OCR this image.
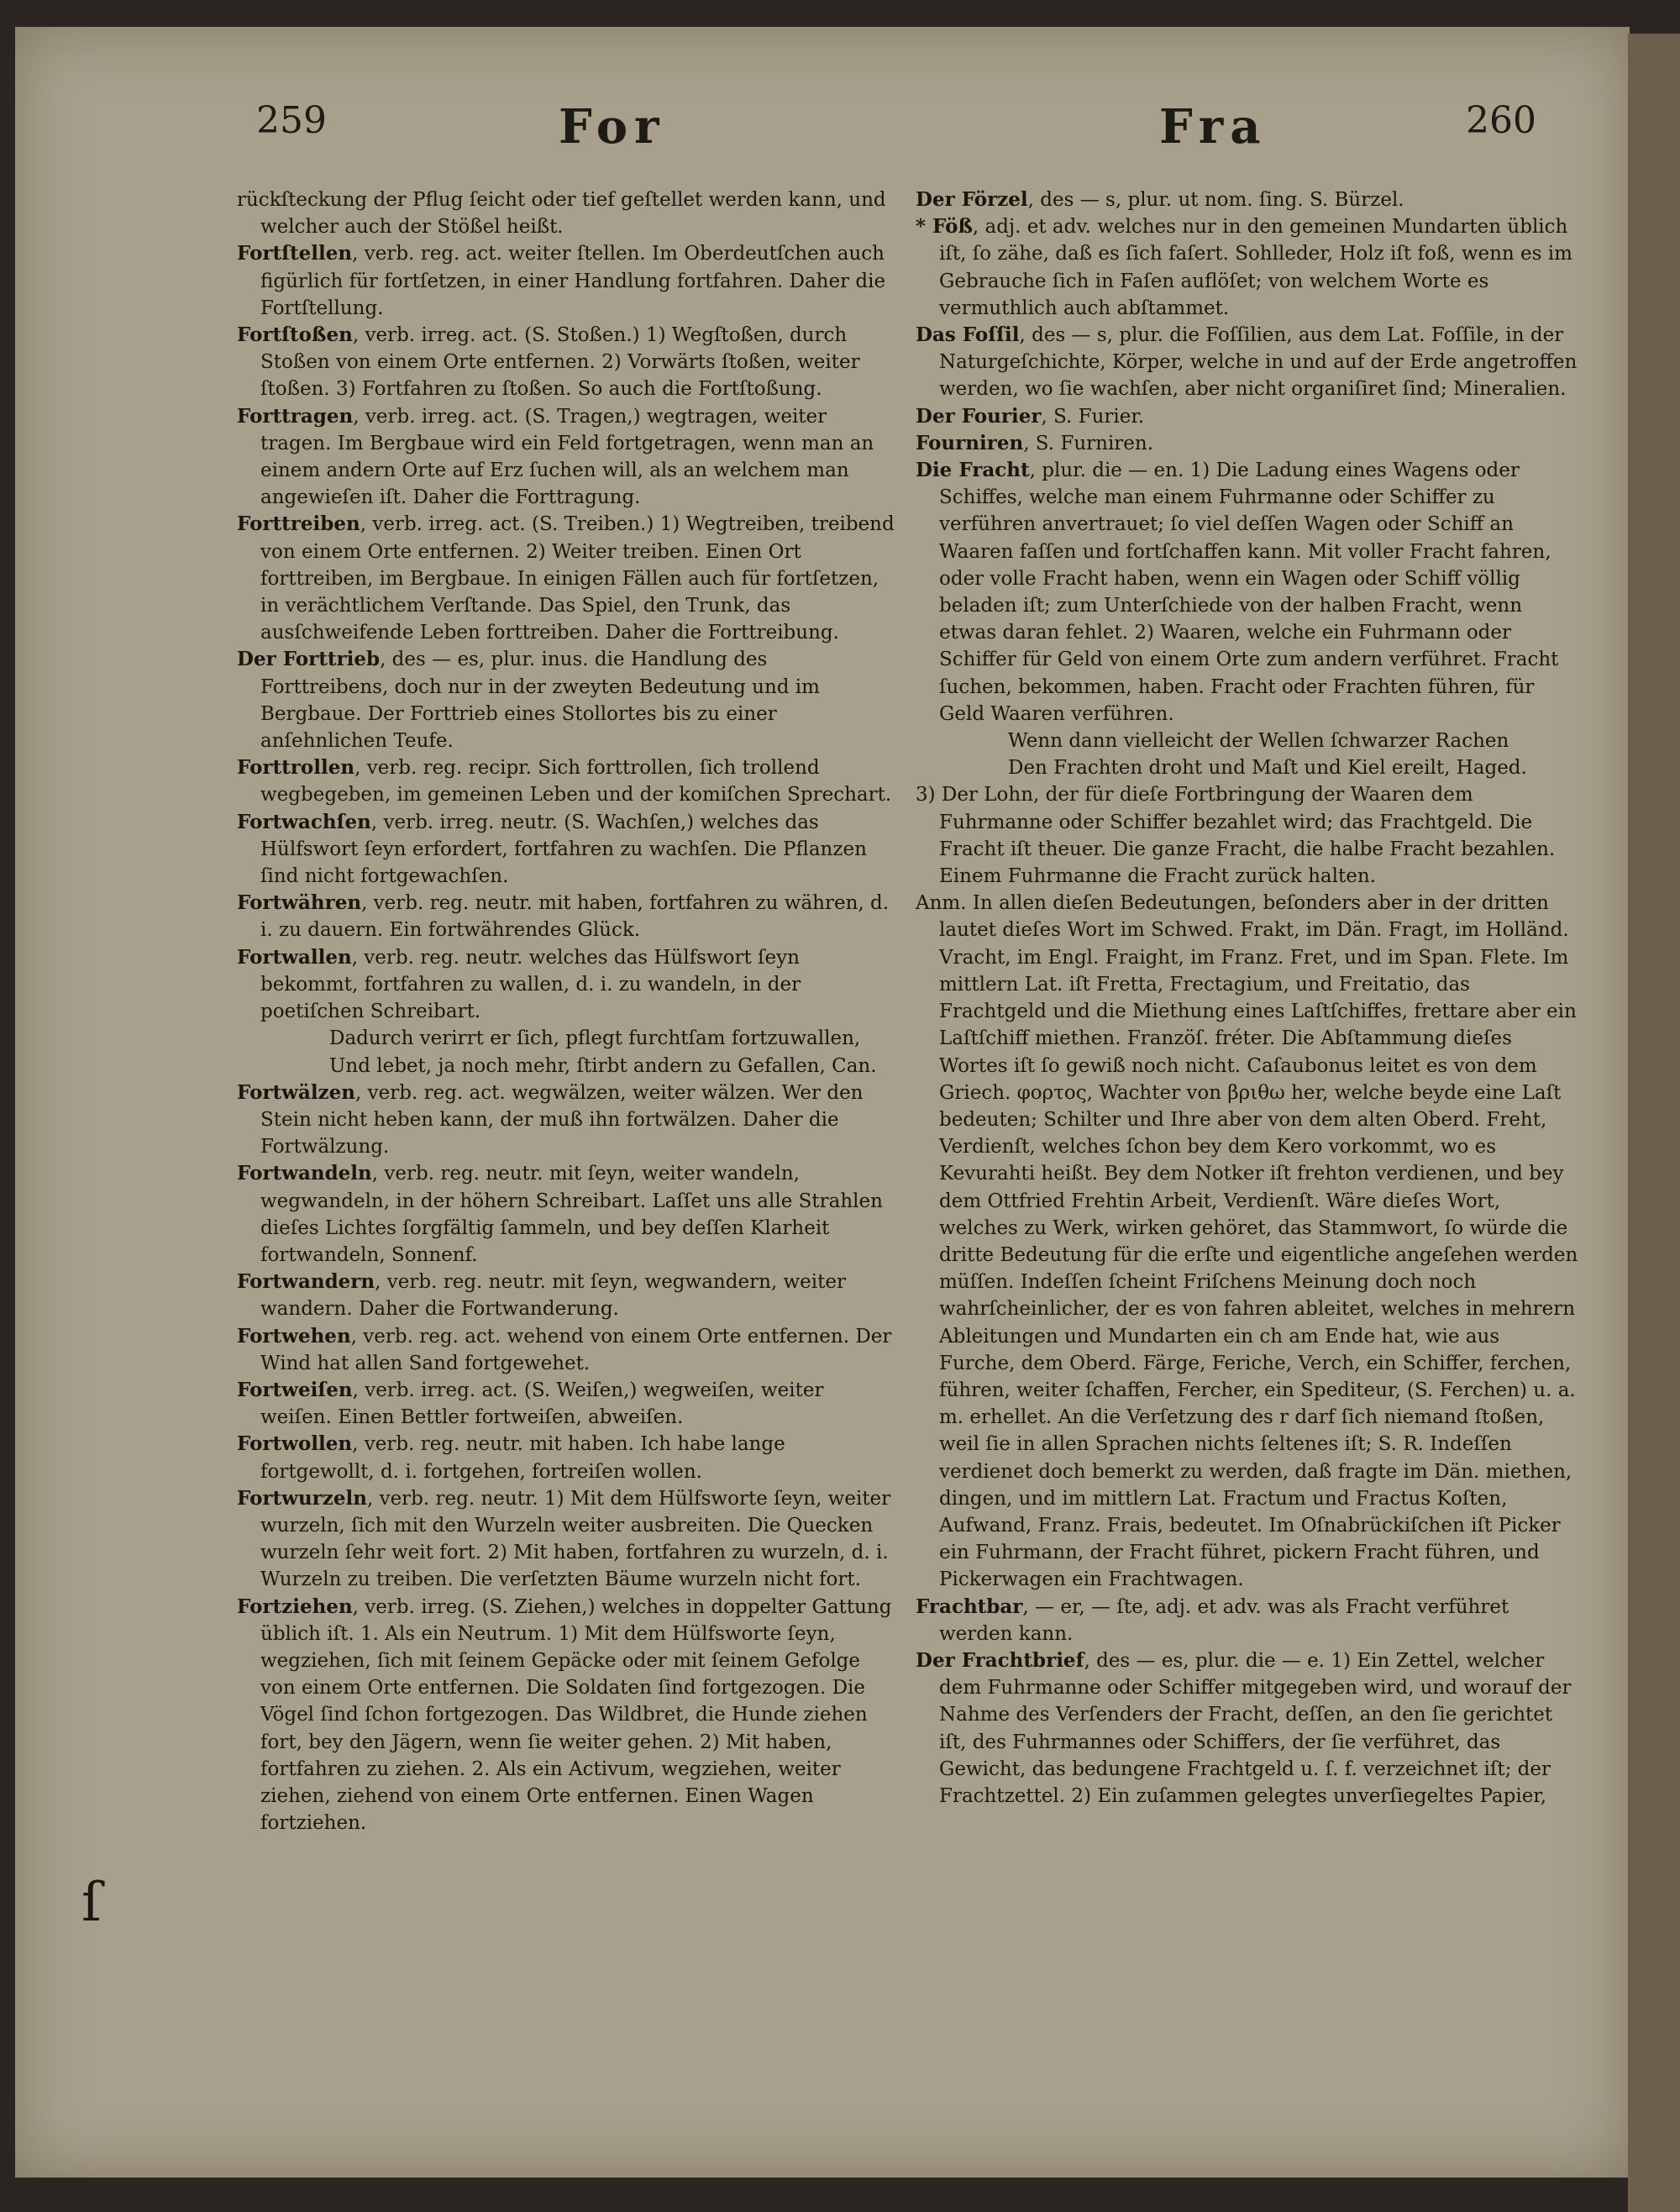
259	For	Fra	260

rückſteckung der Pflug ſeicht oder tief geſtellet werden kann, und welcher auch der Stößel heißt.

Fortſtellen, verb. reg. act. weiter ſtellen. Im Oberdeutſchen auch figürlich für fortſetzen, in einer Handlung fortfahren. Daher die Fortſtellung.

Fortſtoßen, verb. irreg. act. (S. Stoßen.) 1) Wegſtoßen, durch Stoßen von einem Orte entfernen. 2) Vorwärts ſtoßen, weiter ſtoßen. 3) Fortfahren zu ſtoßen. So auch die Fortſtoßung.

Forttragen, verb. irreg. act. (S. Tragen,) wegtragen, weiter tragen. Im Bergbaue wird ein Feld fortgetragen, wenn man an einem andern Orte auf Erz ſuchen will, als an welchem man angewieſen iſt. Daher die Forttragung.

Forttreiben, verb. irreg. act. (S. Treiben.) 1) Wegtreiben, treibend von einem Orte entfernen. 2) Weiter treiben. Einen Ort forttreiben, im Bergbaue. In einigen Fällen auch für fortſetzen, in verächtlichem Verſtande. Das Spiel, den Trunk, das ausſchweifende Leben forttreiben. Daher die Forttreibung.

Der Forttrieb, des — es, plur. inus. die Handlung des Forttreibens, doch nur in der zweyten Bedeutung und im Bergbaue. Der Forttrieb eines Stollortes bis zu einer anſehnlichen Teufe.

Forttrollen, verb. reg. recipr. Sich forttrollen, ſich trollend wegbegeben, im gemeinen Leben und der komiſchen Sprechart.

Fortwachſen, verb. irreg. neutr. (S. Wachſen,) welches das Hülfswort ſeyn erfordert, fortfahren zu wachſen. Die Pflanzen ſind nicht fortgewachſen.

Fortwähren, verb. reg. neutr. mit haben, fortfahren zu währen, d. i. zu dauern. Ein fortwährendes Glück.

Fortwallen, verb. reg. neutr. welches das Hülfswort ſeyn bekommt, fortfahren zu wallen, d. i. zu wandeln, in der poetiſchen Schreibart.

Dadurch verirrt er ſich, pflegt furchtſam fortzuwallen,

Und lebet, ja noch mehr, ſtirbt andern zu Gefallen, Can.

Fortwälzen, verb. reg. act. wegwälzen, weiter wälzen. Wer den Stein nicht heben kann, der muß ihn fortwälzen. Daher die Fortwälzung.

Fortwandeln, verb. reg. neutr. mit ſeyn, weiter wandeln, wegwandeln, in der höhern Schreibart. Laſſet uns alle Strahlen dieſes Lichtes ſorgfältig ſammeln, und bey deſſen Klarheit fortwandeln, Sonnenf.

Fortwandern, verb. reg. neutr. mit ſeyn, wegwandern, weiter wandern. Daher die Fortwanderung.

Fortwehen, verb. reg. act. wehend von einem Orte entfernen. Der Wind hat allen Sand fortgewehet.

Fortweiſen, verb. irreg. act. (S. Weiſen,) wegweiſen, weiter weiſen. Einen Bettler fortweiſen, abweiſen.

Fortwollen, verb. reg. neutr. mit haben. Ich habe lange fortgewollt, d. i. fortgehen, fortreiſen wollen.

Fortwurzeln, verb. reg. neutr. 1) Mit dem Hülfsworte ſeyn, weiter wurzeln, ſich mit den Wurzeln weiter ausbreiten. Die Quecken wurzeln ſehr weit fort. 2) Mit haben, fortfahren zu wurzeln, d. i. Wurzeln zu treiben. Die verſetzten Bäume wurzeln nicht fort.

Fortziehen, verb. irreg. (S. Ziehen,) welches in doppelter Gattung üblich iſt. 1. Als ein Neutrum. 1) Mit dem Hülfsworte ſeyn, wegziehen, ſich mit ſeinem Gepäcke oder mit ſeinem Gefolge von einem Orte entfernen. Die Soldaten ſind fortgezogen. Die Vögel ſind ſchon fortgezogen. Das Wildbret, die Hunde ziehen fort, bey den Jägern, wenn ſie weiter gehen. 2) Mit haben, fortfahren zu ziehen. 2. Als ein Activum, wegziehen, weiter ziehen, ziehend von einem Orte entfernen. Einen Wagen fortziehen.

Der Förzel, des — s, plur. ut nom. ſing. S. Bürzel.

* Föß, adj. et adv. welches nur in den gemeinen Mundarten üblich iſt, ſo zähe, daß es ſich faſert. Sohlleder, Holz iſt foß, wenn es im Gebrauche ſich in Faſen auflöſet; von welchem Worte es vermuthlich auch abſtammet.

Das Foſſil, des — s, plur. die Foſſilien, aus dem Lat. Foſſile, in der Naturgeſchichte, Körper, welche in und auf der Erde angetroffen werden, wo ſie wachſen, aber nicht organiſiret ſind; Mineralien.

Der Fourier, S. Furier.

Fourniren, S. Furniren.

Die Fracht, plur. die — en. 1) Die Ladung eines Wagens oder Schiffes, welche man einem Fuhrmanne oder Schiffer zu verführen anvertrauet; ſo viel deſſen Wagen oder Schiff an Waaren faſſen und fortſchaffen kann. Mit voller Fracht fahren, oder volle Fracht haben, wenn ein Wagen oder Schiff völlig beladen iſt; zum Unterſchiede von der halben Fracht, wenn etwas daran fehlet. 2) Waaren, welche ein Fuhrmann oder Schiffer für Geld von einem Orte zum andern verführet. Fracht ſuchen, bekommen, haben. Fracht oder Frachten führen, für Geld Waaren verführen.

Wenn dann vielleicht der Wellen ſchwarzer Rachen

Den Frachten droht und Maſt und Kiel ereilt, Haged.

3) Der Lohn, der für dieſe Fortbringung der Waaren dem Fuhrmanne oder Schiffer bezahlet wird; das Frachtgeld. Die Fracht iſt theuer. Die ganze Fracht, die halbe Fracht bezahlen. Einem Fuhrmanne die Fracht zurück halten.

Anm. In allen dieſen Bedeutungen, beſonders aber in der dritten lautet dieſes Wort im Schwed. Frakt, im Dän. Fragt, im Holländ. Vracht, im Engl. Fraight, im Franz. Fret, und im Span. Flete. Im mittlern Lat. iſt Fretta, Frectagium, und Freitatio, das Frachtgeld und die Miethung eines Laſtſchiffes, frettare aber ein Laſtſchiff miethen. Franzöſ. fréter. Die Abſtammung dieſes Wortes iſt ſo gewiß noch nicht. Caſaubonus leitet es von dem Griech. φορτος, Wachter von βριθω her, welche beyde eine Laſt bedeuten; Schilter und Ihre aber von dem alten Oberd. Freht, Verdienſt, welches ſchon bey dem Kero vorkommt, wo es Kevurahti heißt. Bey dem Notker iſt frehton verdienen, und bey dem Ottfried Frehtin Arbeit, Verdienſt. Wäre dieſes Wort, welches zu Werk, wirken gehöret, das Stammwort, ſo würde die dritte Bedeutung für die erſte und eigentliche angeſehen werden müſſen. Indeſſen ſcheint Friſchens Meinung doch noch wahrſcheinlicher, der es von fahren ableitet, welches in mehrern Ableitungen und Mundarten ein ch am Ende hat, wie aus Furche, dem Oberd. Färge, Feriche, Verch, ein Schiffer, ferchen, führen, weiter ſchaffen, Fercher, ein Spediteur, (S. Ferchen) u. a. m. erhellet. An die Verſetzung des r darf ſich niemand ſtoßen, weil ſie in allen Sprachen nichts ſeltenes iſt; S. R. Indeſſen verdienet doch bemerkt zu werden, daß fragte im Dän. miethen, dingen, und im mittlern Lat. Fractum und Fractus Koſten, Aufwand, Franz. Frais, bedeutet. Im Oſnabrückiſchen iſt Picker ein Fuhrmann, der Fracht führet, pickern Fracht führen, und Pickerwagen ein Frachtwagen.

Frachtbar, — er, — ſte, adj. et adv. was als Fracht verführet werden kann.

Der Frachtbrief, des — es, plur. die — e. 1) Ein Zettel, welcher dem Fuhrmanne oder Schiffer mitgegeben wird, und worauf der Nahme des Verſenders der Fracht, deſſen, an den ſie gerichtet iſt, des Fuhrmannes oder Schiffers, der ſie verführet, das Gewicht, das bedungene Frachtgeld u. ſ. f. verzeichnet iſt; der Frachtzettel. 2) Ein zuſammen gelegtes unverſiegeltes Papier,

ſ
